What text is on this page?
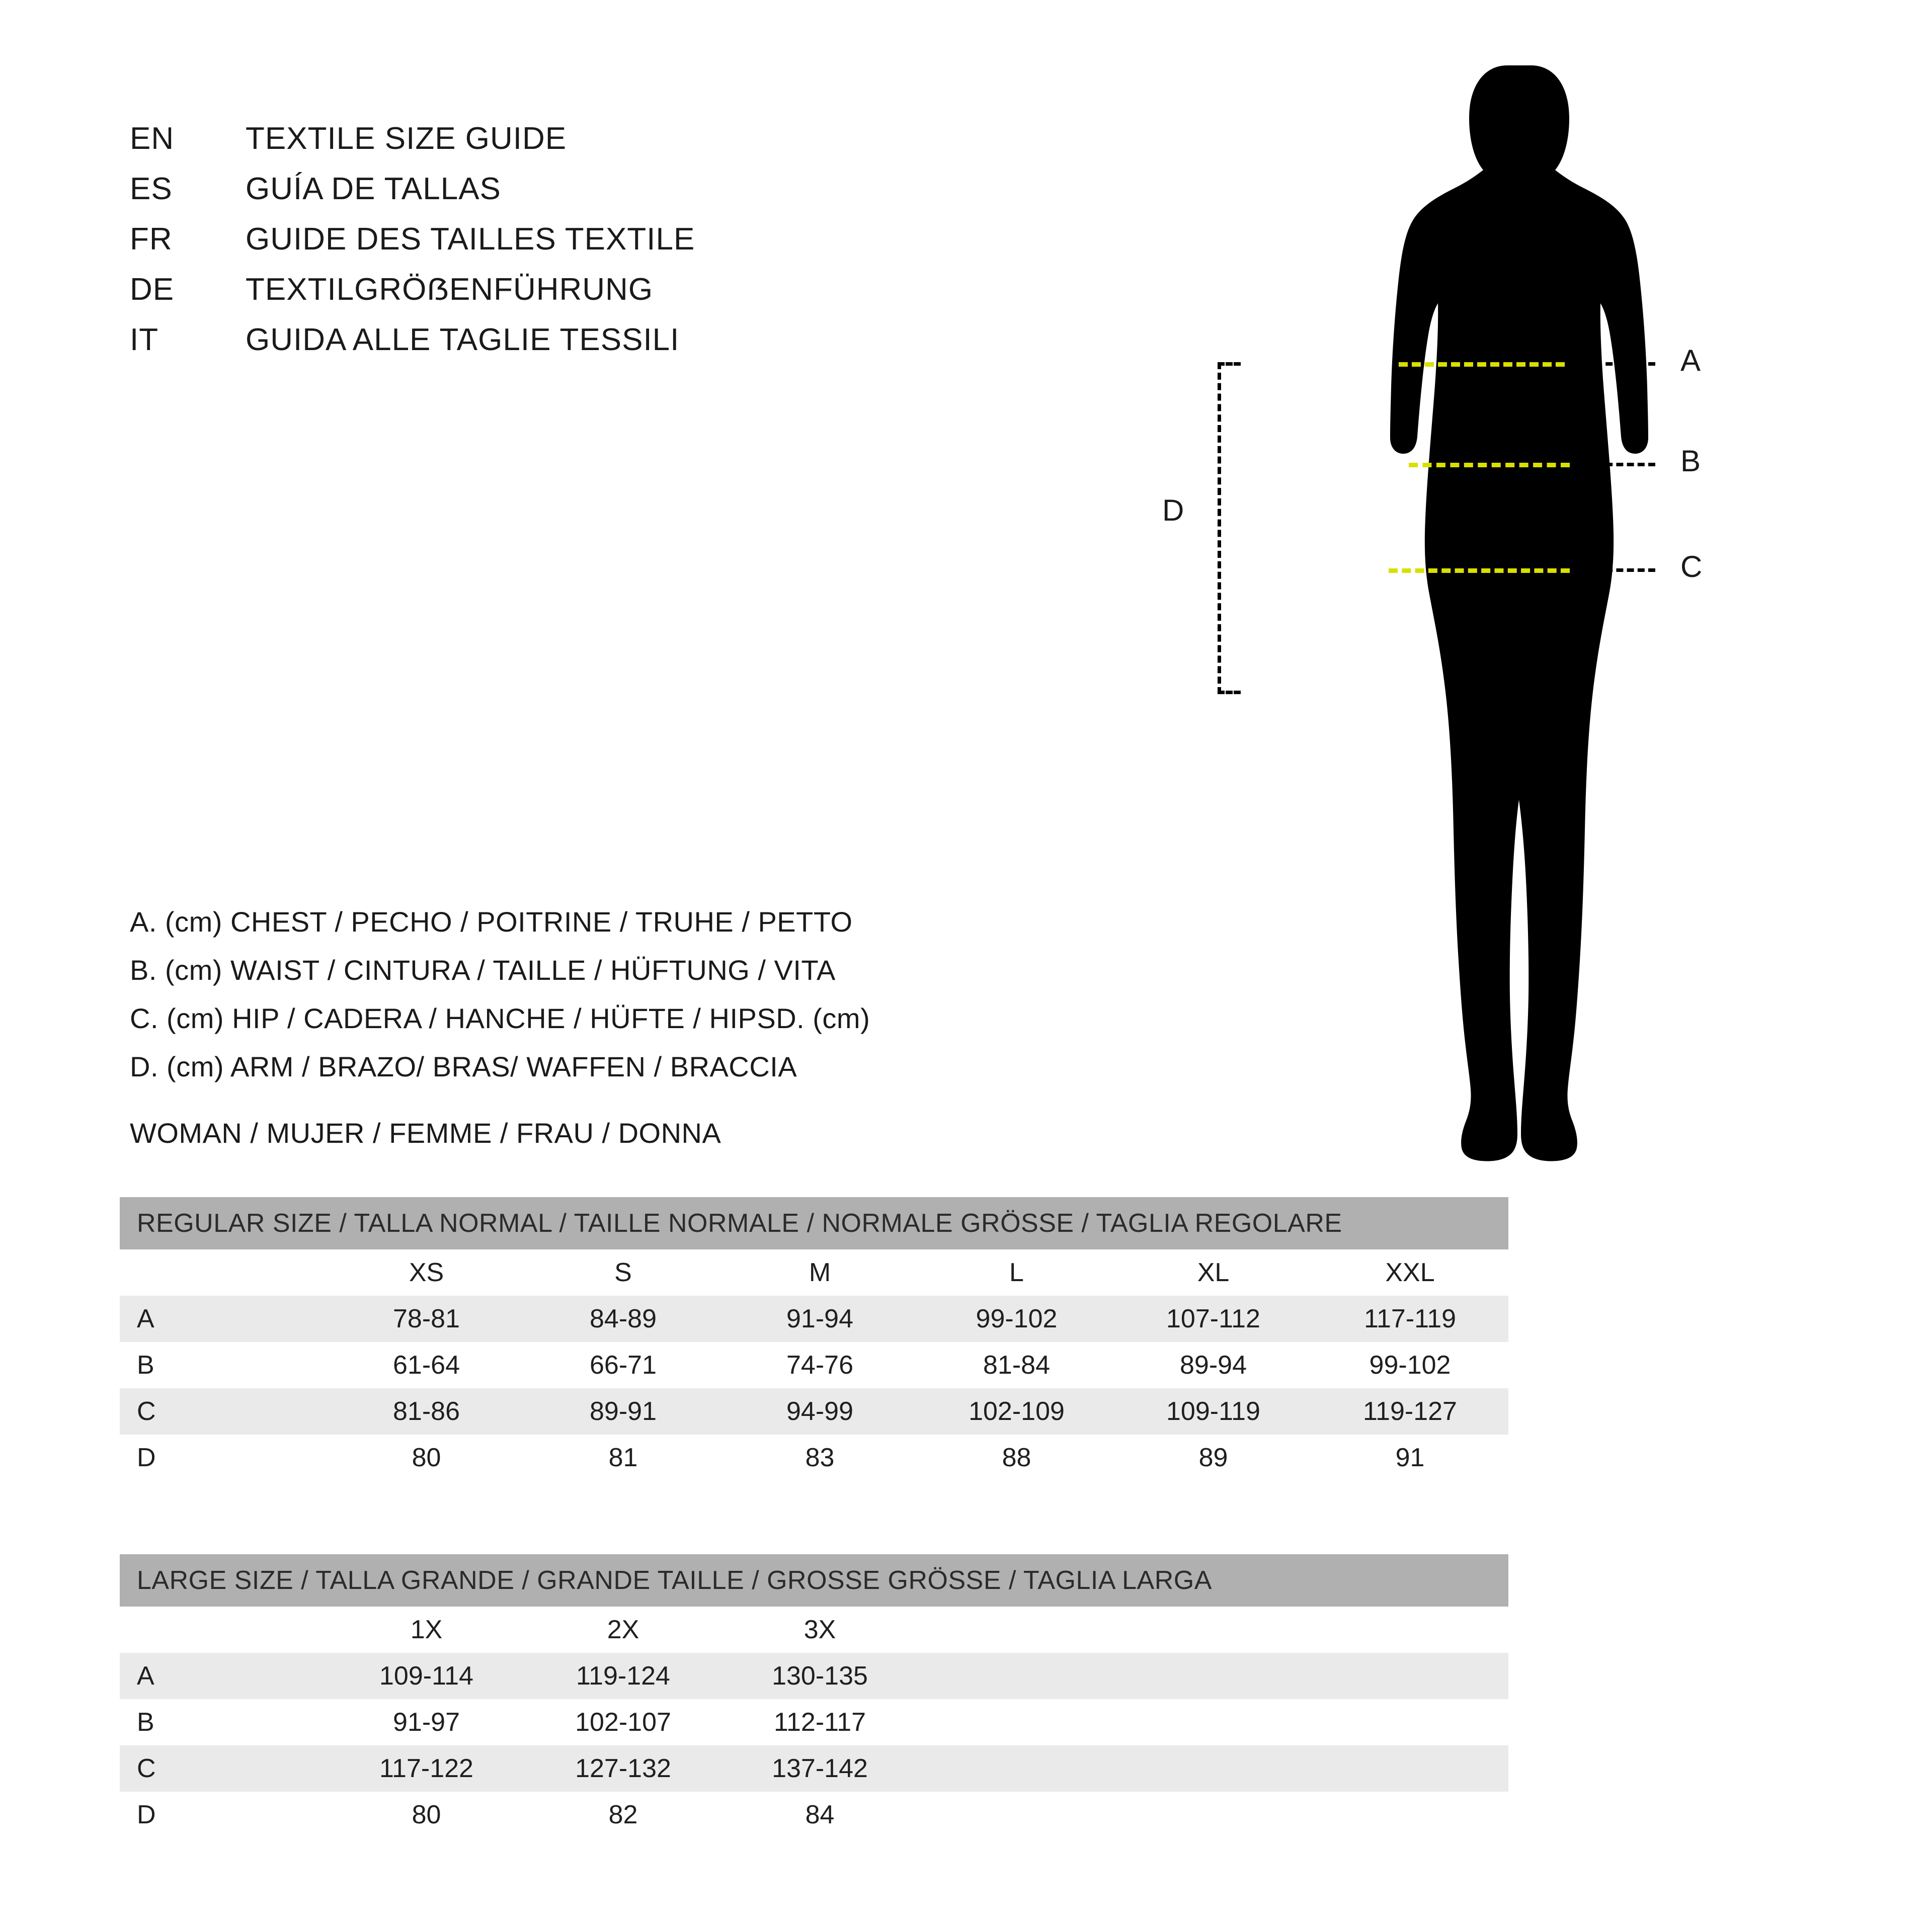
EN	TEXTILE SIZE GUIDE
ES	GUÍA DE TALLAS
FR	GUIDE DES TAILLES TEXTILE
DE	TEXTILGRÖẞENFÜHRUNG
IT	GUIDA ALLE TAGLIE TESSILI
A. (cm) CHEST / PECHO / POITRINE / TRUHE / PETTO
B. (cm) WAIST / CINTURA / TAILLE / HÜFTUNG / VITA
C. (cm) HIP / CADERA / HANCHE / HÜFTE / HIPSD. (cm)
D. (cm) ARM / BRAZO/ BRAS/ WAFFEN / BRACCIA
WOMAN / MUJER / FEMME / FRAU / DONNA
D
A
B
C
REGULAR SIZE / TALLA NORMAL / TAILLE NORMALE / NORMALE GRÖSSE / TAGLIA REGOLARE
	XS	S	M	L	XL	XXL
A	78-81	84-89	91-94	99-102	107-112	117-119
B	61-64	66-71	74-76	81-84	89-94	99-102
C	81-86	89-91	94-99	102-109	109-119	119-127
D	80	81	83	88	89	91
LARGE SIZE / TALLA GRANDE / GRANDE TAILLE / GROSSE GRÖSSE / TAGLIA LARGA
	1X	2X	3X			
A	109-114	119-124	130-135			
B	91-97	102-107	112-117			
C	117-122	127-132	137-142			
D	80	82	84			
